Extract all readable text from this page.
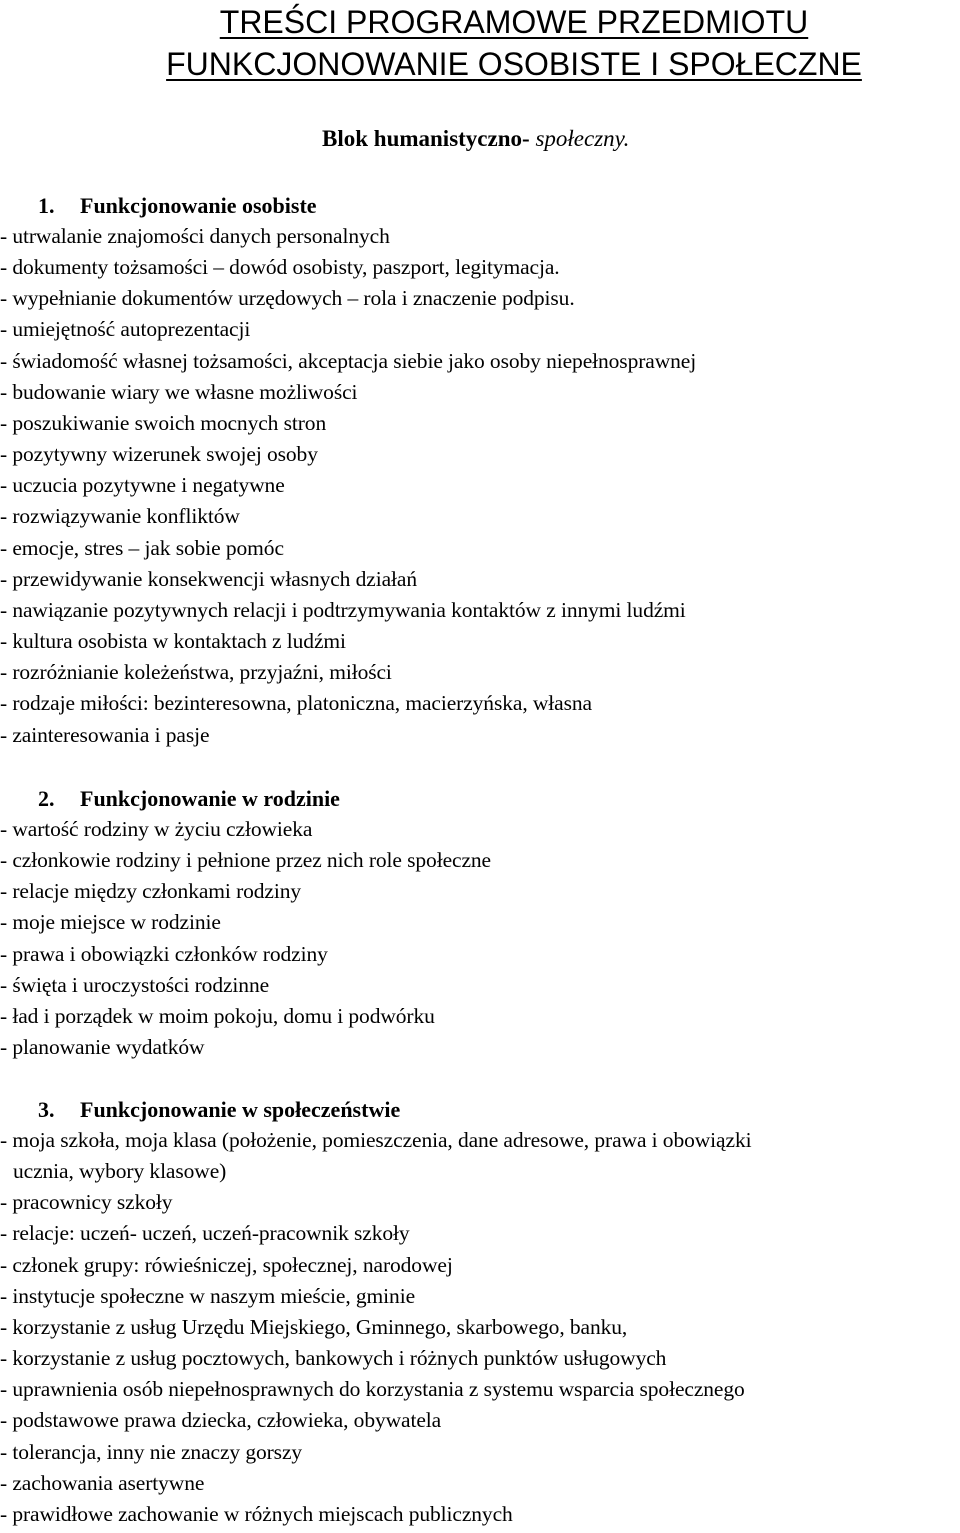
TREŚCI PROGRAMOWE PRZEDMIOTU
FUNKCJONOWANIE OSOBISTE I SPOŁECZNE
Blok humanistyczno- społeczny.
1. Funkcjonowanie osobiste
- utrwalanie znajomości danych personalnych
- dokumenty tożsamości – dowód osobisty, paszport, legitymacja.
- wypełnianie dokumentów urzędowych – rola i znaczenie podpisu.
- umiejętność autoprezentacji
- świadomość własnej tożsamości, akceptacja siebie jako osoby niepełnosprawnej
- budowanie wiary we własne możliwości
- poszukiwanie swoich mocnych stron
- pozytywny wizerunek swojej osoby
- uczucia pozytywne i negatywne
- rozwiązywanie konfliktów
- emocje, stres – jak sobie pomóc
- przewidywanie konsekwencji własnych działań
- nawiązanie pozytywnych relacji i podtrzymywania kontaktów z innymi ludźmi
- kultura osobista w kontaktach z ludźmi
- rozróżnianie koleżeństwa, przyjaźni, miłości
- rodzaje miłości: bezinteresowna, platoniczna, macierzyńska, własna
- zainteresowania i pasje
2. Funkcjonowanie w rodzinie
- wartość rodziny w życiu człowieka
- członkowie rodziny i pełnione przez nich role społeczne
- relacje między członkami rodziny
- moje miejsce w rodzinie
- prawa i obowiązki członków rodziny
- święta i uroczystości rodzinne
- ład i porządek w moim pokoju, domu i podwórku
- planowanie wydatków
3. Funkcjonowanie w społeczeństwie
- moja szkoła, moja klasa (położenie, pomieszczenia, dane adresowe, prawa i obowiązki
ucznia, wybory klasowe)
- pracownicy szkoły
- relacje: uczeń- uczeń, uczeń-pracownik szkoły
- członek grupy: rówieśniczej, społecznej, narodowej
- instytucje społeczne w naszym mieście, gminie
- korzystanie z usług Urzędu Miejskiego, Gminnego, skarbowego, banku,
- korzystanie z usług pocztowych, bankowych i różnych punktów usługowych
- uprawnienia osób niepełnosprawnych do korzystania z systemu wsparcia społecznego
- podstawowe prawa dziecka, człowieka, obywatela
- tolerancja, inny nie znaczy gorszy
- zachowania asertywne
- prawidłowe zachowanie w różnych miejscach publicznych
